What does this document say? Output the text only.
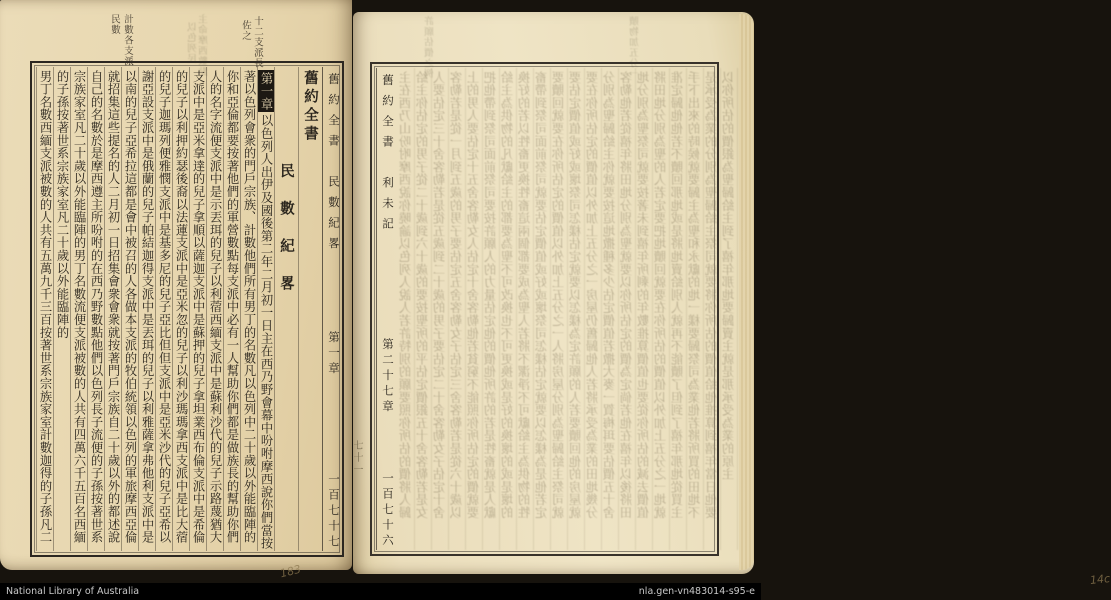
計數各支派
民數	主命摩西數點
以色列民	十二支派長
佐之
舊約全書
民數紀畧
第一章以色列人出伊及國後第二年二月初一日主在西乃野會幕中吩咐摩西說你們當按
著以色列會衆的門戶宗族、計數他們所有男丁的名數凡以色列中二十歲以外能臨陣的
你和亞倫都要按著他們的軍營數點每支派中必有一人幫助你們都是做族長的幫助你們
人的名字流便支派中是示丟珥的兒子以利蓿西緬支派中是蘇利沙代的兒子示路蔑猶大
支派中是亞米拿達的兒子拿順以薩迦支派中是蘇押的兒子拿坦業西布倫支派中是希倫
的兒子以利押約瑟後裔以法蓮支派中是亞米忽的兒子以利沙瑪瑪拿西支派中是比大蓿
的兒子迦瑪列便雅憫支派中是基多尼的兒子亞比但但支派中是亞米沙代的兒子亞希以
謝亞設支派中是俄蘭的兒子帕結迦得支派中是丟珥的兒子以利雅薩拿弗他利支派中是
以南的兒子亞希拉這都是會中被召的人各做本支派的牧伯統領以色列的軍旅摩西亞倫
就招集這些提名的人二月初一日招集會衆會衆就按著門戶宗族自二十歲以外的都述說
自己的名數於是摩西遵主所吩咐的在西乃野數點他們以色列長子流便的子孫按著世系
宗族家室凡二十歲以外能臨陣的男丁名數流便支派被數的人共有四萬六千五百名西緬
的子孫按著世系宗族家室凡二十歲以外能臨陣的
男丁名數西緬支派被數的人共有五萬九千三百按著世系宗族家室計數迦得的子孫凡二	舊約全書　民數紀畧
第一章
一百七十七
183
許願估價之例	贖物加五分一
舊約全書　利未記
第二十七章
一百七十六 主在西乃山吩咐摩西說你曉諭以色列人說人若許特別的願要照你所估的價將人歸 給主你估定的男子從二十歲到六十歲的要按聖所的平估定價銀五十舍客勒若是女 人要估定三十舍客勒若是從五歲到二十歲的男子要估定二十舍客勒女子估定十舍 客勒若是從一月到五歲的男子要估定五舍客勒女子估定三舍客勒若是從六十歲以 上的男人要估定十五舍客勒女人估定十舍客勒他若貧窮不能照你所估定的價就要 把他帶到祭司面前祭司要按許願人的力量估定他的價他所許的若是牲畜就是人獻 給主為供物的凡獻給主的都要為聖不可改換也不可更換或是好的換壞的或是壞的 換好的若以牲畜更換牲畜這兩個都要成為聖人若將不潔淨不可獻給主為供物的牲 畜帶到祭司面前祭司就要估定價值或好或壞祭司怎樣估定就要以怎樣為是他若定 要贖回就要在你所估定的價值以外加上五分之一人將房屋分別為聖歸給主祭司就 要估定價值或好或壞祭司怎樣估定就要以怎樣為定許願的人若要贖回他的房屋就 要在你所估定的價值以外加上五分之一房屋仍舊歸他人若將承受為業的田地幾分 分別為聖歸給主你就要按這地撒種多少估定價值若撒大麥一賀梅珥要估價五十舍 客勒他若從禧年將田地分別為聖就要以你所估定的價為定倘若他在禧年以後將田 地分別為聖祭司就要按著未到禧年所剩的年數推算價值也要從你所估的減去價值 將田地分別為聖的人若定要把地贖回就要在你所估的價值以外加上五分之一地就 准定歸他他若不贖回那地或是將地賣給別人就再不能贖了但到了禧年那地從買主 手下出來的時候就要歸主為聖和永獻的地一樣要歸祭司為業他若將所買的田地不 是承受為業的分別為聖歸給主祭司就要將你所估的價值給他推算到禧年當日他要 以你所估的價銀為聖歸給主到了禧年那地要歸賣主就是那承受為業的原主
14c
七十一
National Library of Australia	nla.gen-vn483014-s95-e
